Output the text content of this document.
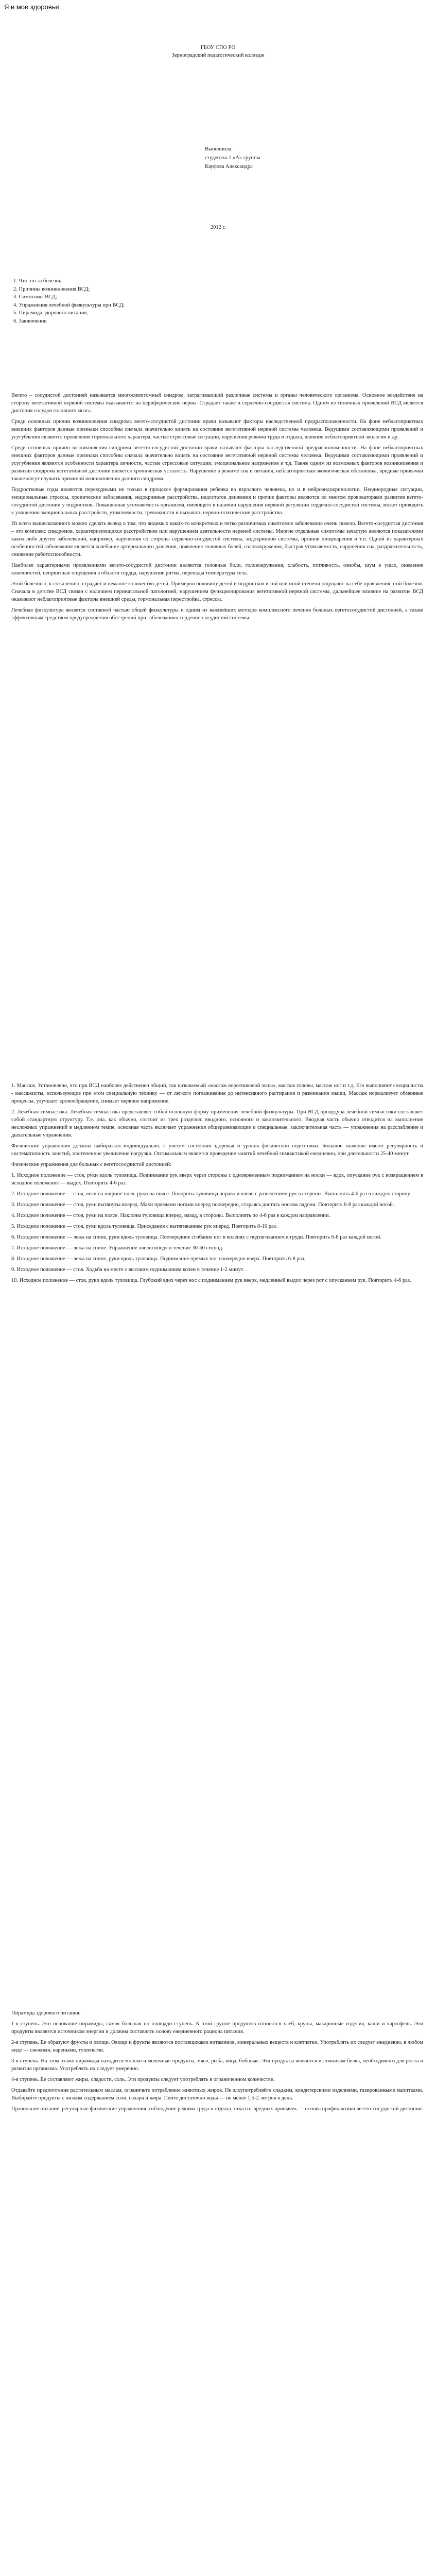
Я и мое здоровье
ГБОУ СПО РО
Зерноградский педагогический колледж
Выполнила:
студентка 1 «А» группы
Кауфова Александра
2012 г.
1. Что это за болезнь;
2. Причины возникновения ВСД;
3. Симптомы ВСД;
4. Упражнения лечебной физкультуры при ВСД;
5. Пирамида здорового питания;
6. Заключение.

Вегето – сосудистой дистонией называется многосимптомный синдром, затрагивающий различные системы и органы человеческого организма. Основное воздействие на сторону вегетативной нервной системы оказывается на периферические нервы. Страдает также и сердечно-сосудистая система. Одним из типичных проявлений ВСД является дистония сосудов головного мозга.

Среди основных причин возникновения синдрома вегето-сосудистой дистонии врачи называют факторы наследственной предрасположенности. На фоне неблагоприятных внешних факторов данные признаки способны сначала значительно влиять на состояние вегетативной нервной системы человека. Ведущими составляющими проявлений и усугубления являются проявления гормонального характера, частые стрессовые ситуации, нарушения режима труда и отдыха, влияние неблагоприятной экологии и др.

Среди основных причин возникновения синдрома вегетто-сосудистой дистонии врачи называют факторы наследственной предрасположенности. На фоне неблагоприятных внешних факторов данные признаки способны сначала значительно влиять на состояние вегетативной нервной системы человека. Ведущими составляющими проявлений и усугубления являются особенности характера личности, частые стрессовые ситуации, эмоциональное напряжение и т.д. Также одним из возможных факторов возникновения и развития синдрома вегетативной дистонии является хроническая усталость. Нарушение в режиме сна и питания, неблагоприятная экологическая обстановка, вредные привычки также могут служить причиной возникновения данного синдрома.

Подростковые годы являются переходными не только в процессе формирования ребенка во взрослого человека, но и в нейроэндокринологии. Неоднородные ситуации, эмоциональные стрессы, хронические заболевания, эндокринные расстройства, недостаток движения и прочие факторы являются во многом провокаторами развития вегето-сосудистой дистонии у подростков. Повышенная утомляемость организма, имеющего в наличии нарушения нервной регуляции сердечно-сосудистой системы, может приводить к учащению эмоциональных расстройств, утомляемости, тревожности и вызывать нервно-психические расстройства.

Из всего вышесказанного можно сделать вывод о том, что видимых каких-то конкретных и четко различимых симптомов заболевания очень тяжело. Вегето-сосудистая дистония – это комплекс синдромов, характеризующихся расстройством или нарушением деятельности нервной системы. Многие отдельные симптомы зачастую являются показателями каких-либо других заболеваний, например, нарушения со стороны сердечно-сосудистой системы, эндокринной системы, органов пищеварения и т.п. Одной из характерных особенностей заболевания является колебание артериального давления, появление головных болей, головокружения, быстрая утомляемость, нарушения сна, раздражительность, снижение работоспособности.

Наиболее характерными проявлениями вегето-сосудистой дистонии являются головные боли, головокружения, слабость, потливость, ознобы, шум в ушах, онемение конечностей, неприятные ощущения в области сердца, нарушение ритма, перепады температуры тела.

Этой болезнью, к сожалению, страдает и немалое количество детей. Примерно половину детей и подростков в той или иной степени ощущают на себе проявления этой болезни. Сначала в детстве ВСД связан с наличием перинатальной патологией, нарушением функционирования вегетативной нервной системы, дальнейшее влияние на развитие ВСД оказывают неблагоприятные факторы внешней среды, гормональная перестройка, стрессы.

Лечебная физкультура является составной частью общей физкультуры и одним из важнейших методов комплексного лечения больных вегетососудистой дистонией, а также эффективным средством предупреждения обострений при заболеваниях сердечно-сосудистой системы.

1. Массаж. Установлено, что при ВСД наиболее действенен общий, так называемый «массаж воротниковой зоны», массаж головы, массаж ног и т.д. Его выполняют специалисты - массажисты, использующие при этом специальную технику — от легкого поглаживания до интенсивного растирания и разминания мышц. Массаж нормализует обменные процессы, улучшает кровообращение, снимает нервное напряжение.

2. Лечебная гимнастика. Лечебная гимнастика представляет собой основную форму применения лечебной физкультуры. При ВСД процедура лечебной гимнастики составляет собой стандартную структуру. Т.е. она, как обычно, состоит из трех разделов: вводного, основного и заключительного. Вводная часть обычно отводится на выполнение несложных упражнений в медленном темпе, основная часть включает упражнения общеразвивающие и специальные, заключительная часть — упражнения на расслабление и дыхательные упражнения.

Физические упражнения должны выбираться индивидуально, с учетом состояния здоровья и уровня физической подготовки. Большое значение имеют регулярность и систематичность занятий, постепенное увеличение нагрузки. Оптимальным является проведение занятий лечебной гимнастикой ежедневно, при длительности 25-40 минут.

Физические упражнения для больных с вегетососудистой дистонией:

1. Исходное положение — стоя, руки вдоль туловища. Поднимание рук вверх через стороны с одновременным подниманием на носки — вдох, опускание рук с возвращением в исходное положение — выдох. Повторить 4-6 раз.

2. Исходное положение — стоя, ноги на ширине плеч, руки на поясе. Повороты туловища вправо и влево с разведением рук в стороны. Выполнять 4-6 раз в каждую сторону.

3. Исходное положение — стоя, руки вытянуты вперед. Махи прямыми ногами вперед поочередно, стараясь достать носком ладони. Повторить 6-8 раз каждой ногой.

4. Исходное положение — стоя, руки на поясе. Наклоны туловища вперед, назад, в стороны. Выполнять по 4-6 раз в каждом направлении.

5. Исходное положение — стоя, руки вдоль туловища. Приседания с вытягиванием рук вперед. Повторить 8-10 раз.

6. Исходное положение — лежа на спине, руки вдоль туловища. Поочередное сгибание ног в коленях с подтягиванием к груди. Повторить 6-8 раз каждой ногой.

7. Исходное положение — лежа на спине. Упражнение «велосипед» в течение 30-60 секунд.

8. Исходное положение — лежа на спине, руки вдоль туловища. Поднимание прямых ног поочередно вверх. Повторить 6-8 раз.

9. Исходное положение — стоя. Ходьба на месте с высоким подниманием колен в течение 1-2 минут.

10. Исходное положение — стоя, руки вдоль туловища. Глубокий вдох через нос с подниманием рук вверх, медленный выдох через рот с опусканием рук. Повторить 4-6 раз.

Пирамида здорового питания.

1-я ступень. Это основание пирамиды, самая большая по площади ступень. К этой группе продуктов относятся хлеб, крупы, макаронные изделия, каши и картофель. Эти продукты являются источником энергии и должны составлять основу ежедневного рациона питания.

2-я ступень. Ее образуют фрукты и овощи. Овощи и фрукты являются поставщиками витаминов, минеральных веществ и клетчатки. Употреблять их следует ежедневно, в любом виде — свежими, вареными, тушеными.

3-я ступень. На этом этаже пирамиды находятся молоко и молочные продукты, мясо, рыба, яйца, бобовые. Эти продукты являются источником белка, необходимого для роста и развития организма. Употреблять их следует умеренно.

4-я ступень. Ее составляют жиры, сладости, соль. Эти продукты следует употреблять в ограниченном количестве.

Отдавайте предпочтение растительным маслам, ограничьте потребление животных жиров. Не злоупотребляйте сладким, кондитерскими изделиями, газированными напитками. Выбирайте продукты с низким содержанием соли, сахара и жира. Пейте достаточно воды — не менее 1,5-2 литров в день.

Правильное питание, регулярные физические упражнения, соблюдение режима труда и отдыха, отказ от вредных привычек — основа профилактики вегето-сосудистой дистонии.
